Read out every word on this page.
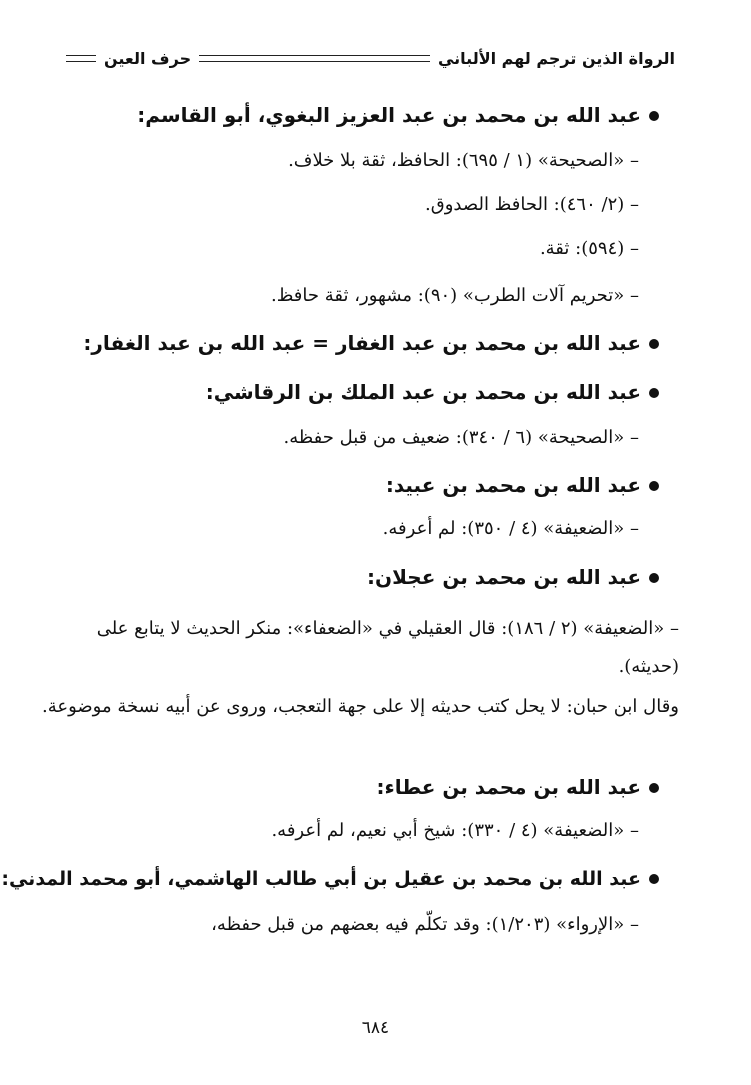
الرواة الذين ترجم لهم الألباني
حرف العين
عبد الله بن محمد بن عبد العزيز البغوي، أبو القاسم:
– «الصحيحة» (١ / ٦٩٥): الحافظ، ثقة بلا خلاف.
– (٢/ ٤٦٠): الحافظ الصدوق.
– (٥٩٤): ثقة.
– «تحريم آلات الطرب» (٩٠): مشهور، ثقة حافظ.
عبد الله بن محمد بن عبد الغفار = عبد الله بن عبد الغفار:
عبد الله بن محمد بن عبد الملك بن الرقاشي:
– «الصحيحة» (٦ / ٣٤٠): ضعيف من قبل حفظه.
عبد الله بن محمد بن عبيد:
– «الضعيفة» (٤ / ٣٥٠): لم أعرفه.
عبد الله بن محمد بن عجلان:
– «الضعيفة» (٢ / ١٨٦): قال العقيلي في «الضعفاء»: منكر الحديث لا يتابع على (حديثه).
وقال ابن حبان: لا يحل كتب حديثه إلا على جهة التعجب، وروى عن أبيه نسخة موضوعة.
عبد الله بن محمد بن عطاء:
– «الضعيفة» (٤ / ٣٣٠): شيخ أبي نعيم، لم أعرفه.
عبد الله بن محمد بن عقيل بن أبي طالب الهاشمي، أبو محمد المدني:
– «الإرواء» (١/٢٠٣): وقد تكلّم فيه بعضهم من قبل حفظه،
٦٨٤
